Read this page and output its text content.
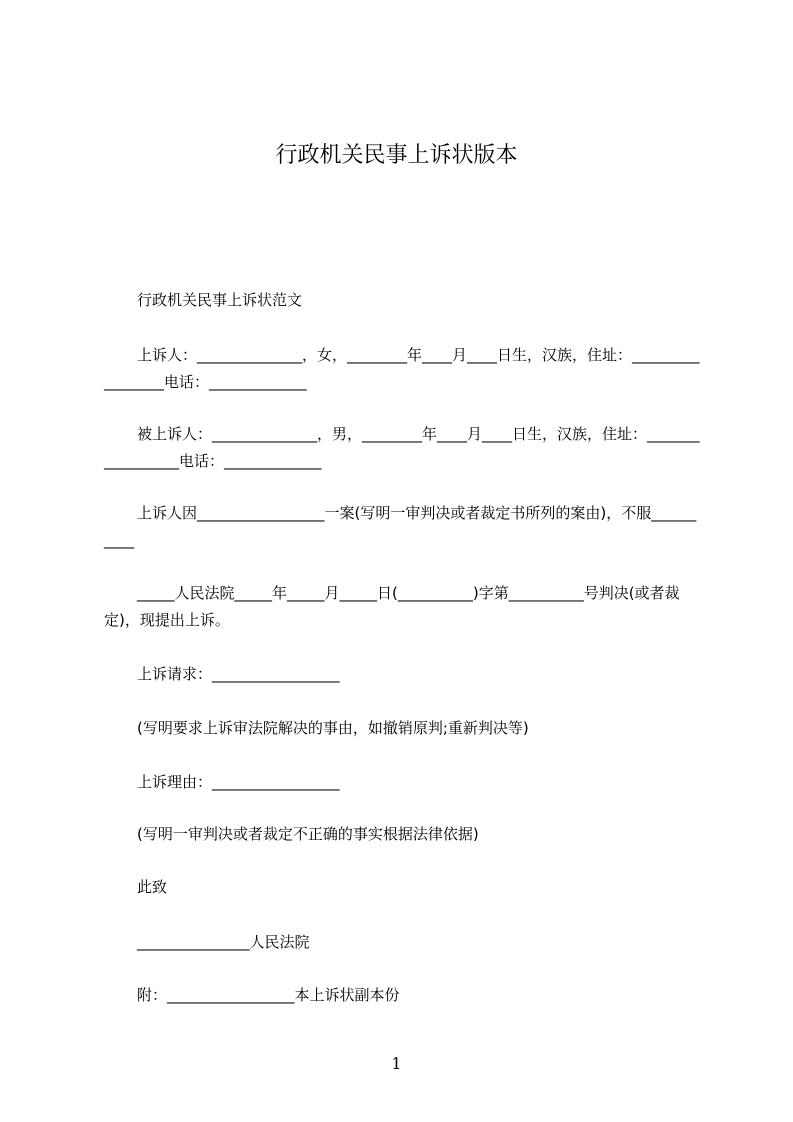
行政机关民事上诉状版本
行政机关民事上诉状范文
上诉人：______________，女，________年____月____日生，汉族，住址：_________________电话：_____________
被上诉人：______________，男，________年____月____日生，汉族，住址：_________________电话：_____________
上诉人因_________________一案(写明一审判决或者裁定书所列的案由)，不服__________
_____人民法院_____年_____月_____日(__________)字第__________号判决(或者裁定)，现提出上诉。
上诉请求：_________________
(写明要求上诉审法院解决的事由，如撤销原判;重新判决等)
上诉理由：_________________
(写明一审判决或者裁定不正确的事实根据法律依据)
此致
_______________人民法院
附：_________________本上诉状副本份
1
